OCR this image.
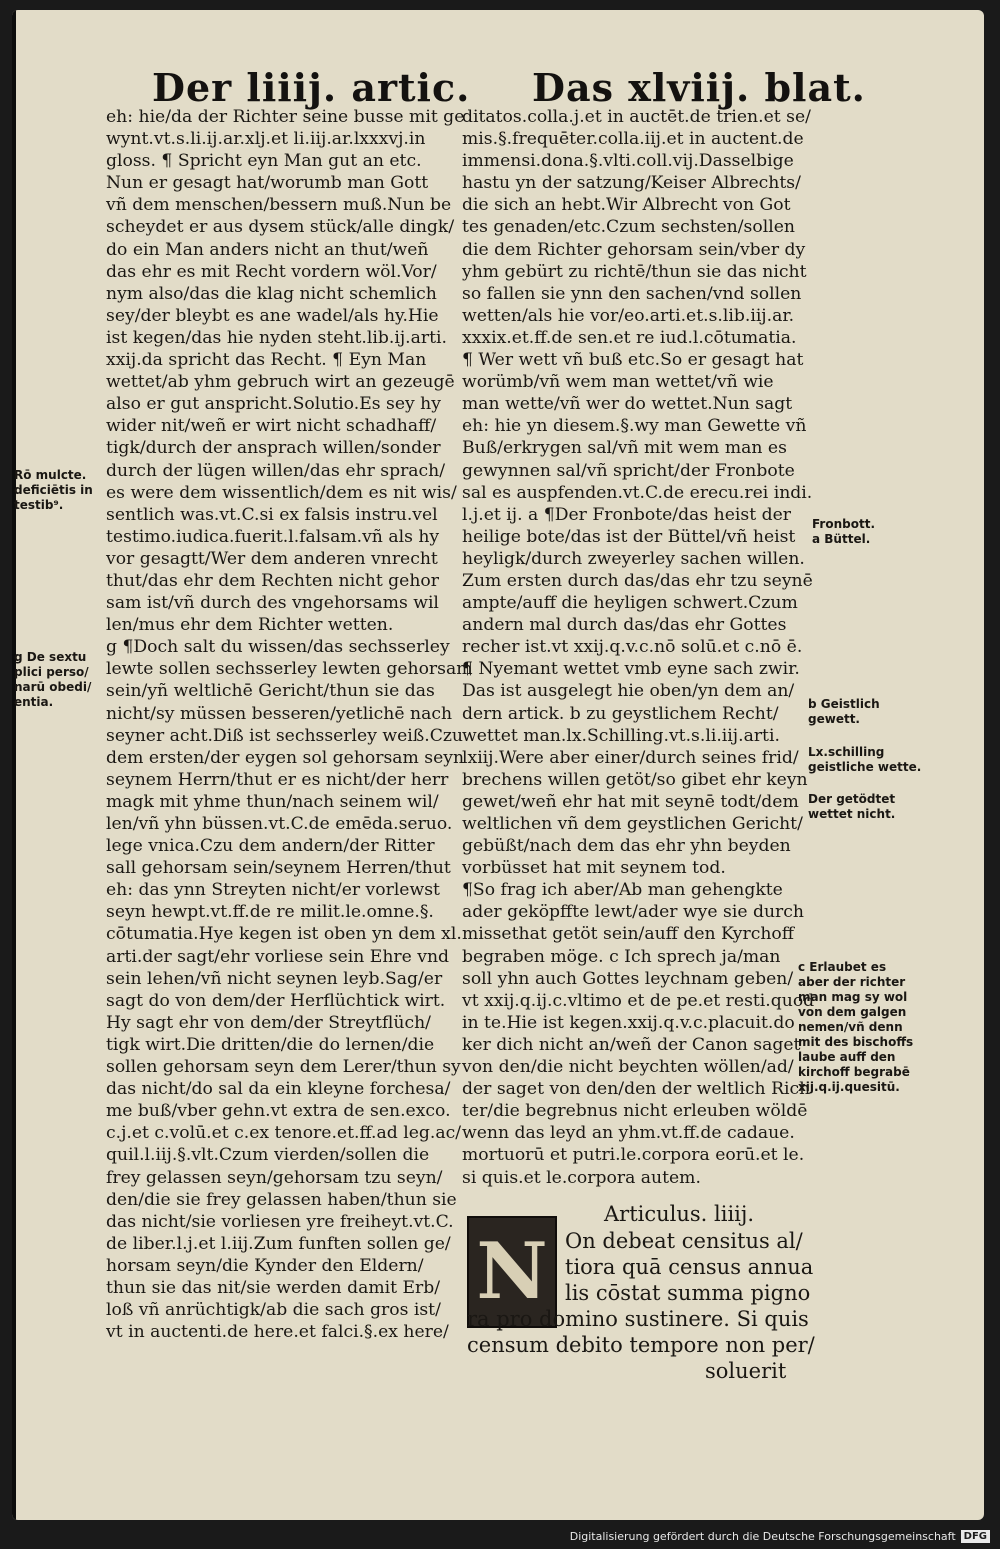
Der liiij. artic. Das xlviij. blat.
eh: hie/da der Richter seine busse mit ge
wynt.vt.s.li.ij.ar.xlj.et li.iij.ar.lxxxvj.in
gloss. ¶ Spricht eyn Man gut an etc.
Nun er gesagt hat/worumb man Gott
vñ dem menschen/bessern muß.Nun be
scheydet er aus dysem stück/alle dingk/
do ein Man anders nicht an thut/weñ
das ehr es mit Recht vordern wöl.Vor/
nym also/das die klag nicht schemlich
sey/der bleybt es ane wadel/als hy.Hie
ist kegen/das hie nyden steht.lib.ij.arti.
xxij.da spricht das Recht. ¶ Eyn Man
wettet/ab yhm gebruch wirt an gezeugē
also er gut anspricht.Solutio.Es sey hy
wider nit/weñ er wirt nicht schadhaff/
tigk/durch der ansprach willen/sonder
durch der lügen willen/das ehr sprach/
es were dem wissentlich/dem es nit wis/
sentlich was.vt.C.si ex falsis instru.vel
testimo.iudica.fuerit.l.falsam.vñ als hy
vor gesagtt/Wer dem anderen vnrecht
thut/das ehr dem Rechten nicht gehor
sam ist/vñ durch des vngehorsams wil
len/mus ehr dem Richter wetten.
g ¶Doch salt du wissen/das sechsserley
lewte sollen sechsserley lewten gehorsam
sein/yñ weltlichē Gericht/thun sie das
nicht/sy müssen besseren/yetlichē nach
seyner acht.Diß ist sechsserley weiß.Czu
dem ersten/der eygen sol gehorsam seyn
seynem Herrn/thut er es nicht/der herr
magk mit yhme thun/nach seinem wil/
len/vñ yhn büssen.vt.C.de emēda.seruo.
lege vnica.Czu dem andern/der Ritter
sall gehorsam sein/seynem Herren/thut
eh: das ynn Streyten nicht/er vorlewst
seyn hewpt.vt.ff.de re milit.le.omne.§.
cōtumatia.Hye kegen ist oben yn dem xl.
arti.der sagt/ehr vorliese sein Ehre vnd
sein lehen/vñ nicht seynen leyb.Sag/er
sagt do von dem/der Herflüchtick wirt.
Hy sagt ehr von dem/der Streytflüch/
tigk wirt.Die dritten/die do lernen/die
sollen gehorsam seyn dem Lerer/thun sy
das nicht/do sal da ein kleyne forchesa/
me buß/vber gehn.vt extra de sen.exco.
c.j.et c.volū.et c.ex tenore.et.ff.ad leg.ac/
quil.l.iij.§.vlt.Czum vierden/sollen die
frey gelassen seyn/gehorsam tzu seyn/
den/die sie frey gelassen haben/thun sie
das nicht/sie vorliesen yre freiheyt.vt.C.
de liber.l.j.et l.iij.Zum funften sollen ge/
horsam seyn/die Kynder den Eldern/
thun sie das nit/sie werden damit Erb/
loß vñ anrüchtigk/ab die sach gros ist/
vt in auctenti.de here.et falci.§.ex here/
ditatos.colla.j.et in auctēt.de trien.et se/
mis.§.frequēter.colla.iij.et in auctent.de
immensi.dona.§.vlti.coll.vij.Dasselbige
hastu yn der satzung/Keiser Albrechts/
die sich an hebt.Wir Albrecht von Got
tes genaden/etc.Czum sechsten/sollen
die dem Richter gehorsam sein/vber dy
yhm gebürt zu richtē/thun sie das nicht
so fallen sie ynn den sachen/vnd sollen
wetten/als hie vor/eo.arti.et.s.lib.iij.ar.
xxxix.et.ff.de sen.et re iud.l.cōtumatia.
¶ Wer wett vñ buß etc.So er gesagt hat
worümb/vñ wem man wettet/vñ wie
man wette/vñ wer do wettet.Nun sagt
eh: hie yn diesem.§.wy man Gewette vñ
Buß/erkrygen sal/vñ mit wem man es
gewynnen sal/vñ spricht/der Fronbote
sal es auspfenden.vt.C.de erecu.rei indi.
l.j.et ij. a ¶Der Fronbote/das heist der
heilige bote/das ist der Büttel/vñ heist
heyligk/durch zweyerley sachen willen.
Zum ersten durch das/das ehr tzu seynē
ampte/auff die heyligen schwert.Czum
andern mal durch das/das ehr Gottes
recher ist.vt xxij.q.v.c.nō solū.et c.nō ē.
¶ Nyemant wettet vmb eyne sach zwir.
Das ist ausgelegt hie oben/yn dem an/
dern artick. b zu geystlichem Recht/
wettet man.lx.Schilling.vt.s.li.iij.arti.
lxiij.Were aber einer/durch seines frid/
brechens willen getöt/so gibet ehr keyn
gewet/weñ ehr hat mit seynē todt/dem
weltlichen vñ dem geystlichen Gericht/
gebüßt/nach dem das ehr yhn beyden
vorbüsset hat mit seynem tod.
¶So frag ich aber/Ab man gehengkte
ader geköpffte lewt/ader wye sie durch
missethat getöt sein/auff den Kyrchoff
begraben möge. c Ich sprech ja/man
soll yhn auch Gottes leychnam geben/
vt xxij.q.ij.c.vltimo et de pe.et resti.quod
in te.Hie ist kegen.xxij.q.v.c.placuit.do
ker dich nicht an/weñ der Canon saget
von den/die nicht beychten wöllen/ad/
der saget von den/den der weltlich Rich
ter/die begrebnus nicht erleuben wöldē
wenn das leyd an yhm.vt.ff.de cadaue.
mortuorū et putri.le.corpora eorū.et le.
si quis.et le.corpora autem.
Rō mulcte.
deficiētis in
testib⁹.
g De sextu
plici perso/
narū obedi/
entia.
Fronbott.
a Büttel.
b Geistlich
gewett.
Lx.schilling
geistliche wette.
Der getödtet
wettet nicht.
c Erlaubet es
aber der richter
man mag sy wol
von dem galgen
nemen/vñ denn
mit des bischoffs
laube auff den
kirchoff begrabē
xij.q.ij.quesitū.
Articulus. liiij.
N On debeat censitus al/
tiora quā census annua
lis cōstat summa pigno
ra pro domino sustinere. Si quis
censum debito tempore non per/
soluerit
Digitalisierung gefördert durch die Deutsche Forschungsgemeinschaft DFG
